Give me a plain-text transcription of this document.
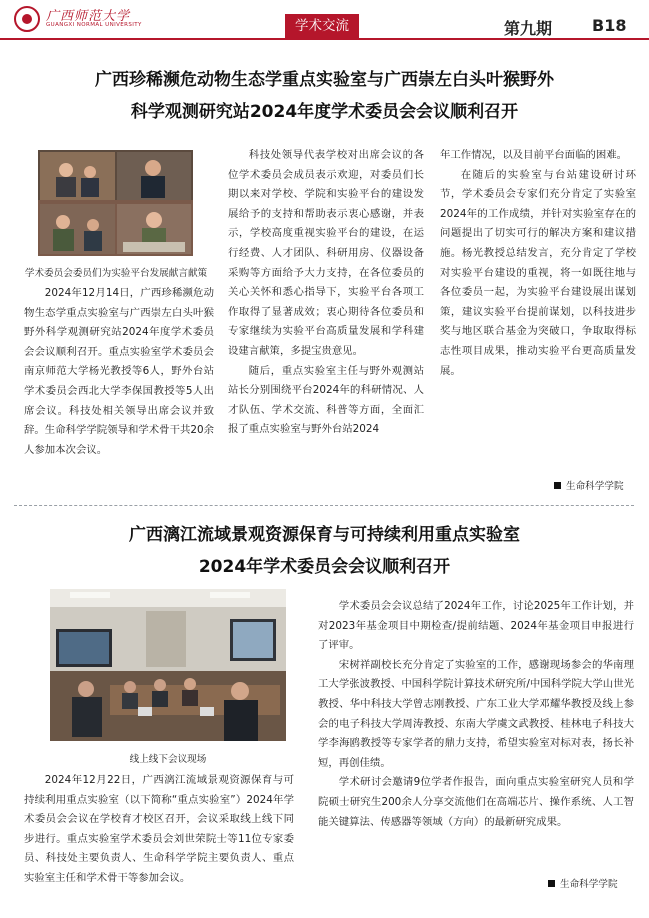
广西师范大学
GUANGXI NORMAL UNIVERSITY	学术交流	第九期 B18
广西珍稀濒危动物生态学重点实验室与广西崇左白头叶猴野外
科学观测研究站2024年度学术委员会会议顺利召开
学术委员会委员们为实验平台发展献言献策

2024年12月14日，广西珍稀濒危动物生态学重点实验室与广西崇左白头叶猴野外科学观测研究站2024年度学术委员会会议顺利召开。重点实验室学术委员会南京师范大学杨光教授等6人，野外台站学术委员会西北大学李保国教授等5人出席会议。科技处相关领导出席会议并致辞。生命科学学院领导和学术骨干共20余人参加本次会议。

科技处领导代表学校对出席会议的各位学术委员会成员表示欢迎，对委员们长期以来对学校、学院和实验平台的建设发展给予的支持和帮助表示衷心感谢，并表示，学校高度重视实验平台的建设，在运行经费、人才团队、科研用房、仪器设备采购等方面给予大力支持，在各位委员的关心关怀和悉心指导下，实验平台各项工作取得了显著成效；衷心期待各位委员和专家继续为实验平台高质量发展和学科建设建言献策，多提宝贵意见。

随后，重点实验室主任与野外观测站站长分别围绕平台2024年的科研情况、人才队伍、学术交流、科普等方面，全面汇报了重点实验室与野外台站2024

年工作情况，以及目前平台面临的困难。

在随后的实验室与台站建设研讨环节，学术委员会专家们充分肯定了实验室2024年的工作成绩，并针对实验室存在的问题提出了切实可行的解决方案和建议措施。杨光教授总结发言，充分肯定了学校对实验平台建设的重视，将一如既往地与各位委员一起，为实验平台建设展出谋划策，建议实验平台提前谋划，以科技进步奖与地区联合基金为突破口，争取取得标志性项目成果，推动实验平台更高质量发展。

生命科学学院
广西漓江流域景观资源保育与可持续利用重点实验室
2024年学术委员会会议顺利召开
线上线下会议现场

2024年12月22日，广西漓江流域景观资源保育与可持续利用重点实验室（以下简称“重点实验室”）2024年学术委员会会议在学校育才校区召开，会议采取线上线下同步进行。重点实验室学术委员会刘世荣院士等11位专家委员、科技处主要负责人、生命科学学院主要负责人、重点实验室主任和学术骨干等参加会议。

学术委员会会议总结了2024年工作，讨论2025年工作计划，并对2023年基金项目中期检查/提前结题、2024年基金项目申报进行了评审。

宋树祥副校长充分肯定了实验室的工作，感谢现场参会的华南理工大学张波教授、中国科学院计算技术研究所/中国科学院大学山世光教授、华中科技大学曾志刚教授、广东工业大学邓耀华教授及线上参会的电子科技大学周涛教授、东南大学虞文武教授、桂林电子科技大学李海鸥教授等专家学者的鼎力支持，希望实验室对标对表，扬长补短，再创佳绩。

学术研讨会邀请9位学者作报告，面向重点实验室研究人员和学院硕士研究生200余人分享交流他们在高端芯片、操作系统、人工智能关键算法、传感器等领域（方向）的最新研究成果。

生命科学学院
